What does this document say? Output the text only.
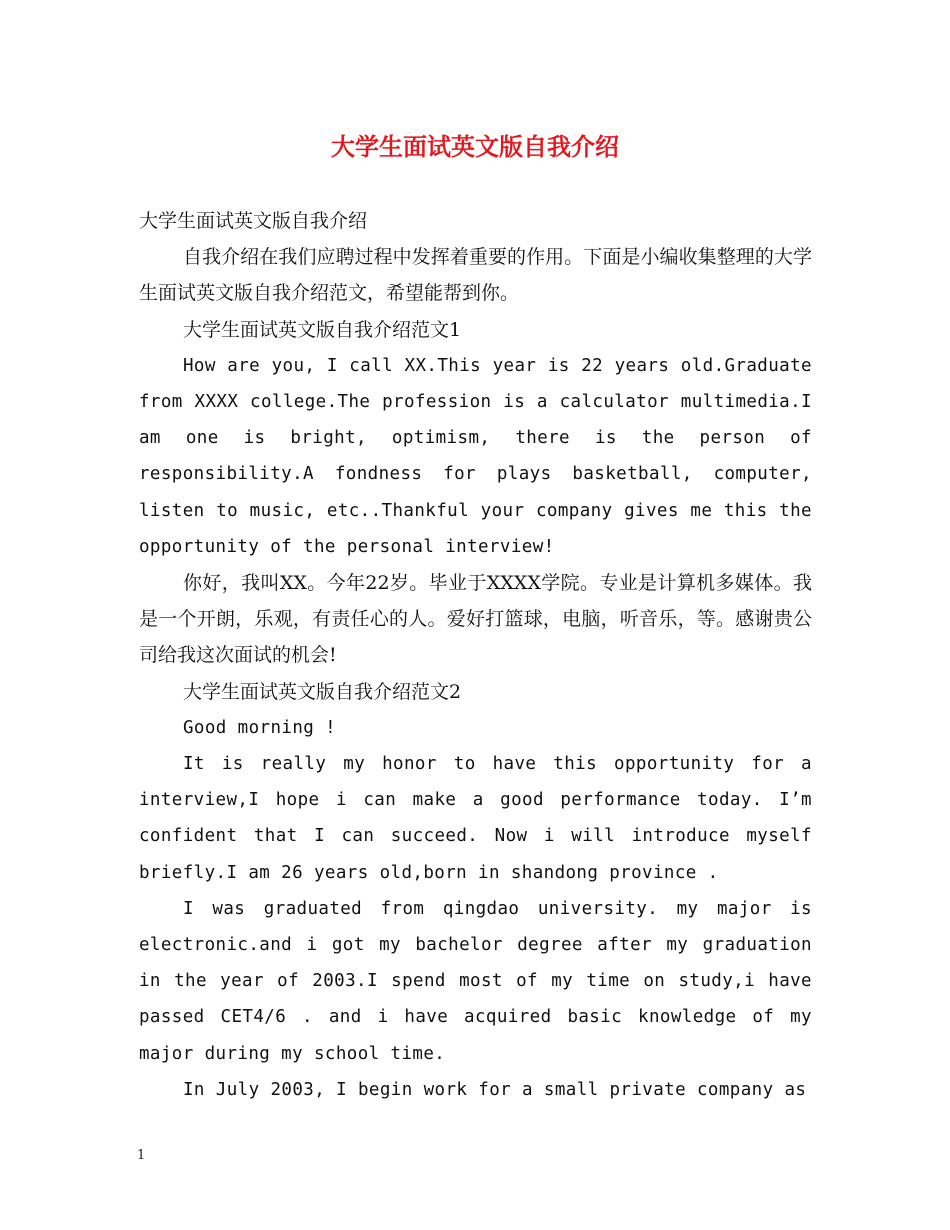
大学生面试英文版自我介绍

大学生面试英文版自我介绍

自我介绍在我们应聘过程中发挥着重要的作用。下面是小编收集整理的大学生面试英文版自我介绍范文，希望能帮到你。

大学生面试英文版自我介绍范文1

How are you, I call XX.This year is 22 years old.Graduate from XXXX college.The profession is a calculator multimedia.I am one is bright, optimism, there is the person of responsibility.A fondness for plays basketball, computer, listen to music, etc..Thankful your company gives me this the opportunity of the personal interview!

你好，我叫XX。今年22岁。毕业于XXXX学院。专业是计算机多媒体。我是一个开朗，乐观，有责任心的人。爱好打篮球，电脑，听音乐，等。感谢贵公司给我这次面试的机会!

大学生面试英文版自我介绍范文2

Good morning !

It is really my honor to have this opportunity for a interview,I hope i can make a good performance today. I’m confident that I can succeed. Now i will introduce myself briefly.I am 26 years old,born in shandong province .

I was graduated from qingdao university. my major is electronic.and i got my bachelor degree after my graduation in the year of 2003.I spend most of my time on study,i have passed CET4/6 . and i have acquired basic knowledge of my major during my school time.

In July 2003, I begin work for a small private company as

1
